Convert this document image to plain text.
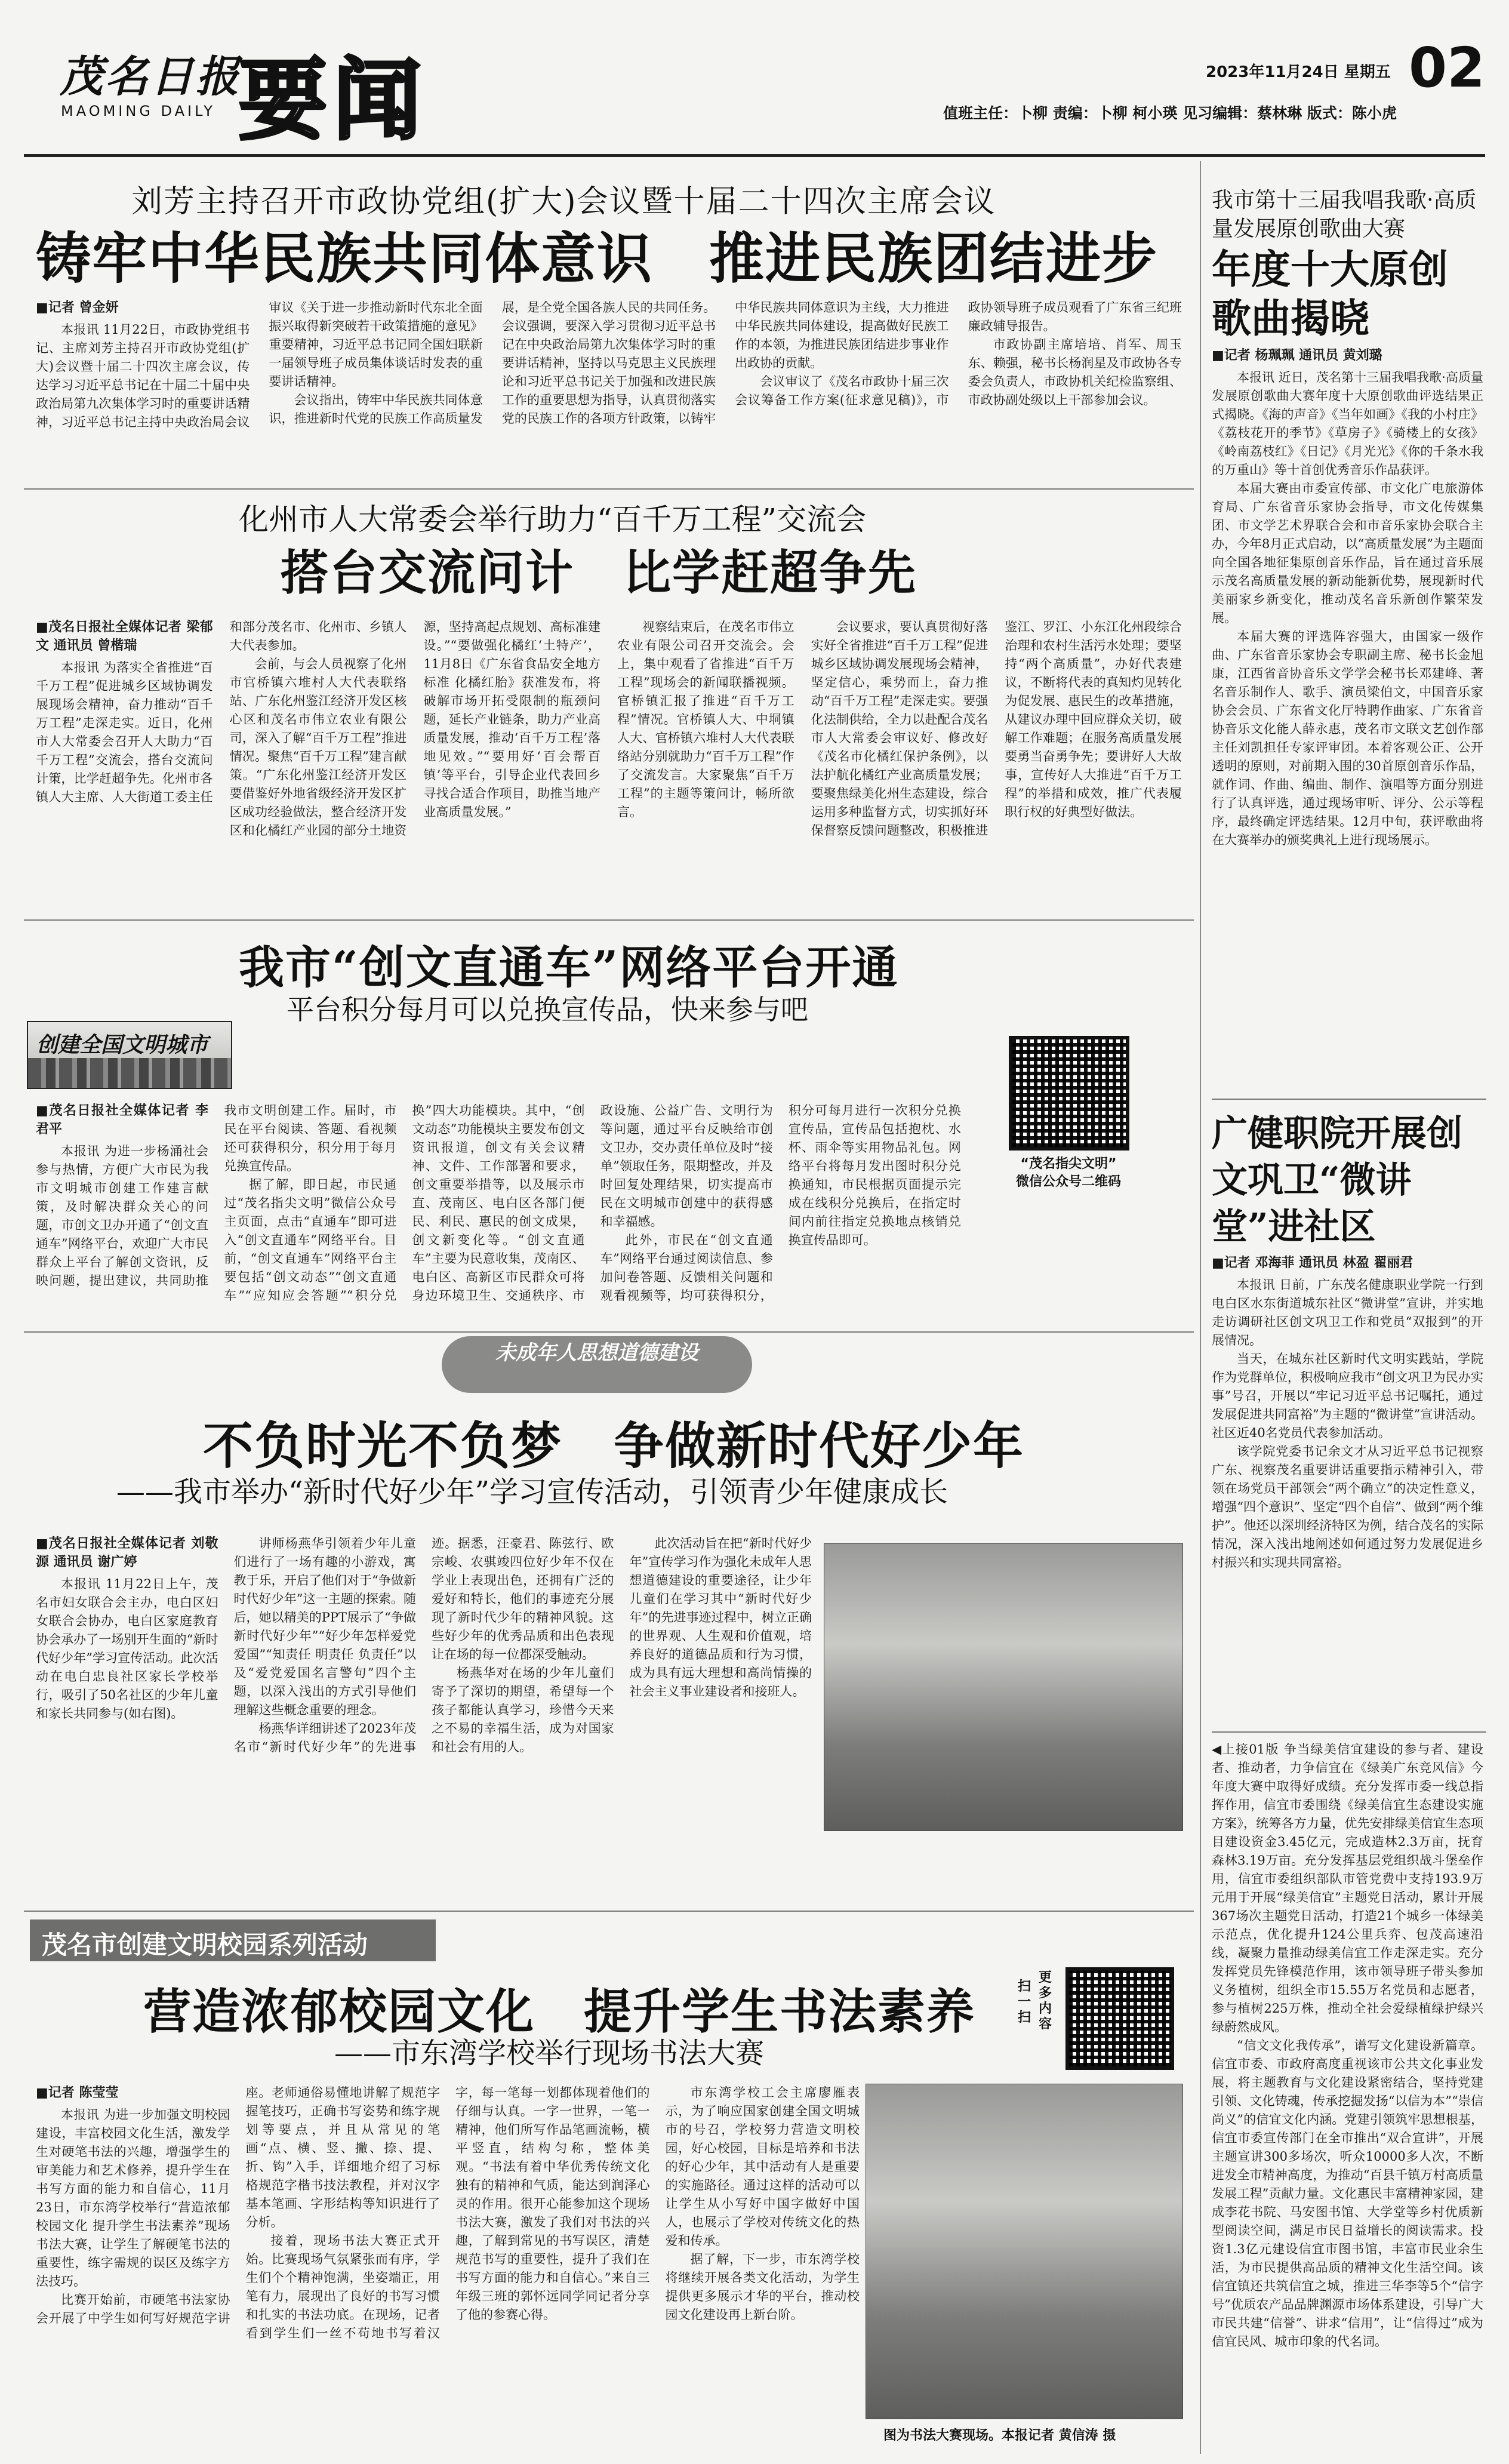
茂名日报
MAOMING DAILY 要闻	2023年11月24日 星期五 02
值班主任：卜柳 责编：卜柳 柯小瑛 见习编辑：蔡林琳 版式：陈小虎
刘芳主持召开市政协党组(扩大)会议暨十届二十四次主席会议
铸牢中华民族共同体意识　推进民族团结进步
■记者 曾金妍

本报讯 11月22日，市政协党组书记、主席刘芳主持召开市政协党组(扩大)会议暨十届二十四次主席会议，传达学习习近平总书记在十届二十届中央政治局第九次集体学习时的重要讲话精神，习近平总书记主持中央政治局会议审议《关于进一步推动新时代东北全面振兴取得新突破若干政策措施的意见》重要精神，习近平总书记同全国妇联新一届领导班子成员集体谈话时发表的重要讲话精神。

会议指出，铸牢中华民族共同体意识，推进新时代党的民族工作高质量发展，是全党全国各族人民的共同任务。会议强调，要深入学习贯彻习近平总书记在中央政治局第九次集体学习时的重要讲话精神，坚持以马克思主义民族理论和习近平总书记关于加强和改进民族工作的重要思想为指导，认真贯彻落实党的民族工作的各项方针政策，以铸牢中华民族共同体意识为主线，大力推进中华民族共同体建设，提高做好民族工作的本领，为推进民族团结进步事业作出政协的贡献。

会议审议了《茂名市政协十届三次会议筹备工作方案(征求意见稿)》，市政协领导班子成员观看了广东省三纪班廉政辅导报告。

市政协副主席培培、肖军、周玉东、赖强，秘书长杨润星及市政协各专委会负责人，市政协机关纪检监察组、市政协副处级以上干部参加会议。

化州市人大常委会举行助力“百千万工程”交流会
搭台交流问计　比学赶超争先
■茂名日报社全媒体记者 梁郁文 通讯员 曾楷瑞

本报讯 为落实全省推进“百千万工程”促进城乡区域协调发展现场会精神，奋力推动“百千万工程”走深走实。近日，化州市人大常委会召开人大助力“百千万工程”交流会，搭台交流问计策，比学赶超争先。化州市各镇人大主席、人大街道工委主任和部分茂名市、化州市、乡镇人大代表参加。

会前，与会人员视察了化州市官桥镇六堆村人大代表联络站、广东化州鉴江经济开发区核心区和茂名市伟立农业有限公司，深入了解“百千万工程”推进情况。聚焦“百千万工程”建言献策。“广东化州鉴江经济开发区要借鉴好外地省级经济开发区扩区成功经验做法，整合经济开发区和化橘红产业园的部分土地资源，坚持高起点规划、高标准建设。”“要做强化橘红‘土特产’，11月8日《广东省食品安全地方标准 化橘红胎》获准发布，将破解市场开拓受限制的瓶颈问题，延长产业链条，助力产业高质量发展，推动‘百千万工程’落地见效。”“要用好‘百会帮百镇’等平台，引导企业代表回乡寻找合适合作项目，助推当地产业高质量发展。”

视察结束后，在茂名市伟立农业有限公司召开交流会。会上，集中观看了省推进“百千万工程”现场会的新闻联播视频。官桥镇汇报了推进“百千万工程”情况。官桥镇人大、中垌镇人大、官桥镇六堆村人大代表联络站分别就助力“百千万工程”作了交流发言。大家聚焦“百千万工程”的主题等策问计，畅所欲言。

会议要求，要认真贯彻好落实好全省推进“百千万工程”促进城乡区域协调发展现场会精神，坚定信心，乘势而上，奋力推动“百千万工程”走深走实。要强化法制供给，全力以赴配合茂名市人大常委会审议好、修改好《茂名市化橘红保护条例》，以法护航化橘红产业高质量发展；要聚焦绿美化州生态建设，综合运用多种监督方式，切实抓好环保督察反馈问题整改，积极推进鉴江、罗江、小东江化州段综合治理和农村生活污水处理；要坚持“两个高质量”，办好代表建议，不断将代表的真知灼见转化为促发展、惠民生的改革措施，从建议办理中回应群众关切，破解工作难题；在服务高质量发展要勇当奋勇争先；要讲好人大故事，宣传好人大推进“百千万工程”的举措和成效，推广代表履职行权的好典型好做法。

我市“创文直通车”网络平台开通
平台积分每月可以兑换宣传品，快来参与吧
创建全国文明城市
■茂名日报社全媒体记者 李君平

本报讯 为进一步杨涌社会参与热情，方便广大市民为我市文明城市创建工作建言献策，及时解决群众关心的问题，市创文卫办开通了“创文直通车”网络平台，欢迎广大市民群众上平台了解创文资讯，反映问题，提出建议，共同助推我市文明创建工作。届时，市民在平台阅读、答题、看视频还可获得积分，积分用于每月兑换宣传品。

据了解，即日起，市民通过“茂名指尖文明”微信公众号主页面，点击“直通车”即可进入“创文直通车”网络平台。目前，“创文直通车”网络平台主要包括“创文动态”“创文直通车”“应知应会答题”“积分兑换”四大功能模块。其中，“创文动态”功能模块主要发布创文资讯报道，创文有关会议精神、文件、工作部署和要求，创文重要举措等，以及展示市直、茂南区、电白区各部门便民、利民、惠民的创文成果，创文新变化等。“创文直通车”主要为民意收集，茂南区、电白区、高新区市民群众可将身边环境卫生、交通秩序、市政设施、公益广告、文明行为等问题，通过平台反映给市创文卫办，交办责任单位及时“接单”领取任务，限期整改，并及时回复处理结果，切实提高市民在文明城市创建中的获得感和幸福感。

此外，市民在“创文直通车”网络平台通过阅读信息、参加问卷答题、反馈相关问题和观看视频等，均可获得积分，积分可每月进行一次积分兑换宣传品，宣传品包括抱枕、水杯、雨伞等实用物品礼包。网络平台将每月发出图时积分兑换通知，市民根据页面提示完成在线积分兑换后，在指定时间内前往指定兑换地点核销兑换宣传品即可。

“茂名指尖文明”
微信公众号二维码
未成年人思想道德建设
不负时光不负梦　争做新时代好少年
——我市举办“新时代好少年”学习宣传活动，引领青少年健康成长
■茂名日报社全媒体记者 刘敬源 通讯员 谢广婷

本报讯 11月22日上午，茂名市妇女联合会主办，电白区妇女联合会协办，电白区家庭教育协会承办了一场别开生面的“新时代好少年”学习宣传活动。此次活动在电白忠良社区家长学校举行，吸引了50名社区的少年儿童和家长共同参与(如右图)。

讲师杨燕华引领着少年儿童们进行了一场有趣的小游戏，寓教于乐，开启了他们对于“争做新时代好少年”这一主题的探索。随后，她以精美的PPT展示了“争做新时代好少年”“好少年怎样爱党爱国”“知责任 明责任 负责任”以及“爱党爱国名言警句”四个主题，以深入浅出的方式引导他们理解这些概念重要的理念。

杨燕华详细讲述了2023年茂名市“新时代好少年”的先进事迹。据悉，汪豪君、陈弦行、欧宗峻、农骐竣四位好少年不仅在学业上表现出色，还拥有广泛的爱好和特长，他们的事迹充分展现了新时代少年的精神风貌。这些好少年的优秀品质和出色表现让在场的每一位都深受触动。

杨燕华对在场的少年儿童们寄予了深切的期望，希望每一个孩子都能认真学习，珍惜今天来之不易的幸福生活，成为对国家和社会有用的人。

此次活动旨在把“新时代好少年”宣传学习作为强化未成年人思想道德建设的重要途径，让少年儿童们在学习其中“新时代好少年”的先进事迹过程中，树立正确的世界观、人生观和价值观，培养良好的道德品质和行为习惯，成为具有远大理想和高尚情操的社会主义事业建设者和接班人。

茂名市创建文明校园系列活动
营造浓郁校园文化　提升学生书法素养
——市东湾学校举行现场书法大赛
扫一扫
更多内容
■记者 陈莹莹

本报讯 为进一步加强文明校园建设，丰富校园文化生活，激发学生对硬笔书法的兴趣，增强学生的审美能力和艺术修养，提升学生在书写方面的能力和自信心，11月23日，市东湾学校举行“营造浓郁校园文化 提升学生书法素养”现场书法大赛，让学生了解硬笔书法的重要性，练字需规的误区及练字方法技巧。

比赛开始前，市硬笔书法家协会开展了中学生如何写好规范字讲座。老师通俗易懂地讲解了规范字握笔技巧，正确书写姿势和练字规划等要点，并且从常见的笔画“点、横、竖、撇、捺、提、折、钩”入手，详细地介绍了习标格规范字楷书技法教程，并对汉字基本笔画、字形结构等知识进行了分析。

接着，现场书法大赛正式开始。比赛现场气氛紧张而有序，学生们个个精神饱满，坐姿端正，用笔有力，展现出了良好的书写习惯和扎实的书法功底。在现场，记者看到学生们一丝不苟地书写着汉字，每一笔每一划都体现着他们的仔细与认真。一字一世界，一笔一精神，他们所写作品笔画流畅，横平竖直，结构匀称，整体美观。“书法有着中华优秀传统文化独有的精神和气质，能达到润泽心灵的作用。很开心能参加这个现场书法大赛，激发了我们对书法的兴趣，了解到常见的书写误区，清楚规范书写的重要性，提升了我们在书写方面的能力和自信心。”来自三年级三班的郭怀远同学同记者分享了他的参赛心得。

市东湾学校工会主席廖雁表示，为了响应国家创建全国文明城市的号召，学校努力营造文明校园，好心校园，目标是培养和书法的好心少年，其中活动有人是重要的实施路径。通过这样的活动可以让学生从小写好中国字做好中国人，也展示了学校对传统文化的热爱和传承。

据了解，下一步，市东湾学校将继续开展各类文化活动，为学生提供更多展示才华的平台，推动校园文化建设再上新台阶。

图为书法大赛现场。本报记者 黄信涛 摄
我市第十三届我唱我歌·高质量发展原创歌曲大赛
年度十大原创歌曲揭晓
■记者 杨珮珮 通讯员 黄刘璐

本报讯 近日，茂名第十三届我唱我歌·高质量发展原创歌曲大赛年度十大原创歌曲评选结果正式揭晓。《海的声音》《当年如画》《我的小村庄》《荔枝花开的季节》《草房子》《骑楼上的女孩》《岭南荔枝红》《日记》《月光光》《你的千条水我的万重山》等十首创优秀音乐作品获评。

本届大赛由市委宣传部、市文化广电旅游体育局、广东省音乐家协会指导，市文化传媒集团、市文学艺术界联合会和市音乐家协会联合主办，今年8月正式启动，以“高质量发展”为主题面向全国各地征集原创音乐作品，旨在通过音乐展示茂名高质量发展的新动能新优势，展现新时代美丽家乡新变化，推动茂名音乐新创作繁荣发展。

本届大赛的评选阵容强大，由国家一级作曲、广东省音乐家协会专职副主席、秘书长金旭康，江西省音协音乐文学学会秘书长邓建峰、著名音乐制作人、歌手、演员梁伯文，中国音乐家协会会员、广东省文化厅特聘作曲家、广东省音协音乐文化能人薛永惠，茂名市文联文艺创作部主任刘凯担任专家评审团。本着客观公正、公开透明的原则，对前期入围的30首原创音乐作品，就作词、作曲、编曲、制作、演唱等方面分别进行了认真评选，通过现场审听、评分、公示等程序，最终确定评选结果。12月中旬，获评歌曲将在大赛举办的颁奖典礼上进行现场展示。

广健职院开展创文巩卫“微讲堂”进社区
■记者 邓海菲 通讯员 林盈 翟丽君

本报讯 日前，广东茂名健康职业学院一行到电白区水东街道城东社区“微讲堂”宣讲，并实地走访调研社区创文巩卫工作和党员“双报到”的开展情况。

当天，在城东社区新时代文明实践站，学院作为党群单位，积极响应我市“创文巩卫为民办实事”号召，开展以“牢记习近平总书记嘱托，通过发展促进共同富裕”为主题的“微讲堂”宣讲活动。社区近40名党员代表参加活动。

该学院党委书记余文才从习近平总书记视察广东、视察茂名重要讲话重要指示精神引入，带领在场党员干部领会“两个确立”的决定性意义，增强“四个意识”、坚定“四个自信”、做到“两个维护”。他还以深圳经济特区为例，结合茂名的实际情况，深入浅出地阐述如何通过努力发展促进乡村振兴和实现共同富裕。

◀上接01版 争当绿美信宜建设的参与者、建设者、推动者，力争信宜在《绿美广东竞风信》今年度大赛中取得好成绩。充分发挥市委一线总指挥作用，信宜市委围绕《绿美信宜生态建设实施方案》，统筹各方力量，优先安排绿美信宜生态项目建设资金3.45亿元，完成造林2.3万亩，抚育森林3.19万亩。充分发挥基层党组织战斗堡垒作用，信宜市委组织部队市管党费中支持193.9万元用于开展“绿美信宜”主题党日活动，累计开展367场次主题党日活动，打造21个城乡一体绿美示范点，优化提升124公里兵弈、包茂高速沿线，凝聚力量推动绿美信宜工作走深走实。充分发挥党员先锋模范作用，该市领导班子带头参加义务植树，组织全市15.55万名党员和志愿者，参与植树225万株，推动全社会爱绿植绿护绿兴绿蔚然成风。

“信文文化我传承”，谱写文化建设新篇章。信宜市委、市政府高度重视该市公共文化事业发展，将主题教育与文化建设紧密结合，坚持党建引领、文化铸魂，传承挖掘发扬“以信为本”“崇信尚义”的信宜文化内涵。党建引领筑牢思想根基，信宜市委宣传部门在全市推出“双合宣讲”，开展主题宣讲300多场次，听众10000多人次，不断进发全市精神高度，为推动“百县千镇万村高质量发展工程”贡献力量。文化惠民丰富精神家园，建成李花书院、马安图书馆、大学堂等乡村优质新型阅读空间，满足市民日益增长的阅读需求。投资1.3亿元建设信宜市图书馆，丰富市民业余生活，为市民提供高品质的精神文化生活空间。该信宜镇还共筑信宜之城，推进三华李等5个“信字号”优质农产品品牌渊源市场体系建设，引导广大市民共建“信誉”、讲求“信用”，让“信得过”成为信宜民风、城市印象的代名词。
